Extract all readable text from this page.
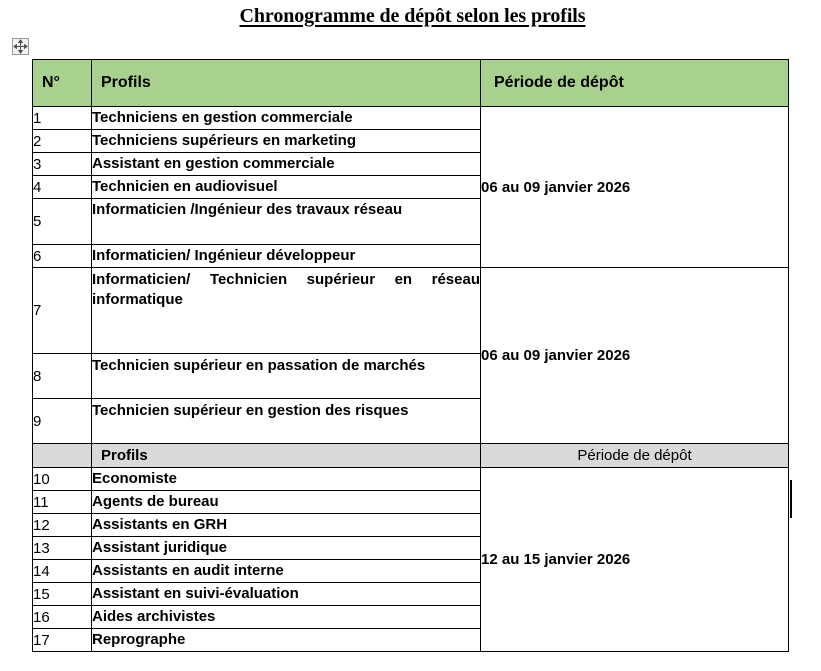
Chronogramme de dépôt selon les profils
N°	Profils	Période de dépôt
1	Techniciens en gestion commerciale	06 au 09 janvier 2026
2	Techniciens supérieurs en marketing	
3	Assistant en gestion commerciale	
4	Technicien en audiovisuel	
5	Informaticien /Ingénieur des travaux réseau	
6	Informaticien/ Ingénieur développeur	
7	Informaticien/ Technicien supérieur en réseau informatique	06 au 09 janvier 2026
8	Technicien supérieur en passation de marchés	
9	Technicien supérieur en gestion des risques	
	Profils	Période de dépôt
10	Economiste	12 au 15 janvier 2026
11	Agents de bureau	
12	Assistants en GRH	
13	Assistant juridique	
14	Assistants en audit interne	
15	Assistant en suivi-évaluation	
16	Aides archivistes	
17	Reprographe	
